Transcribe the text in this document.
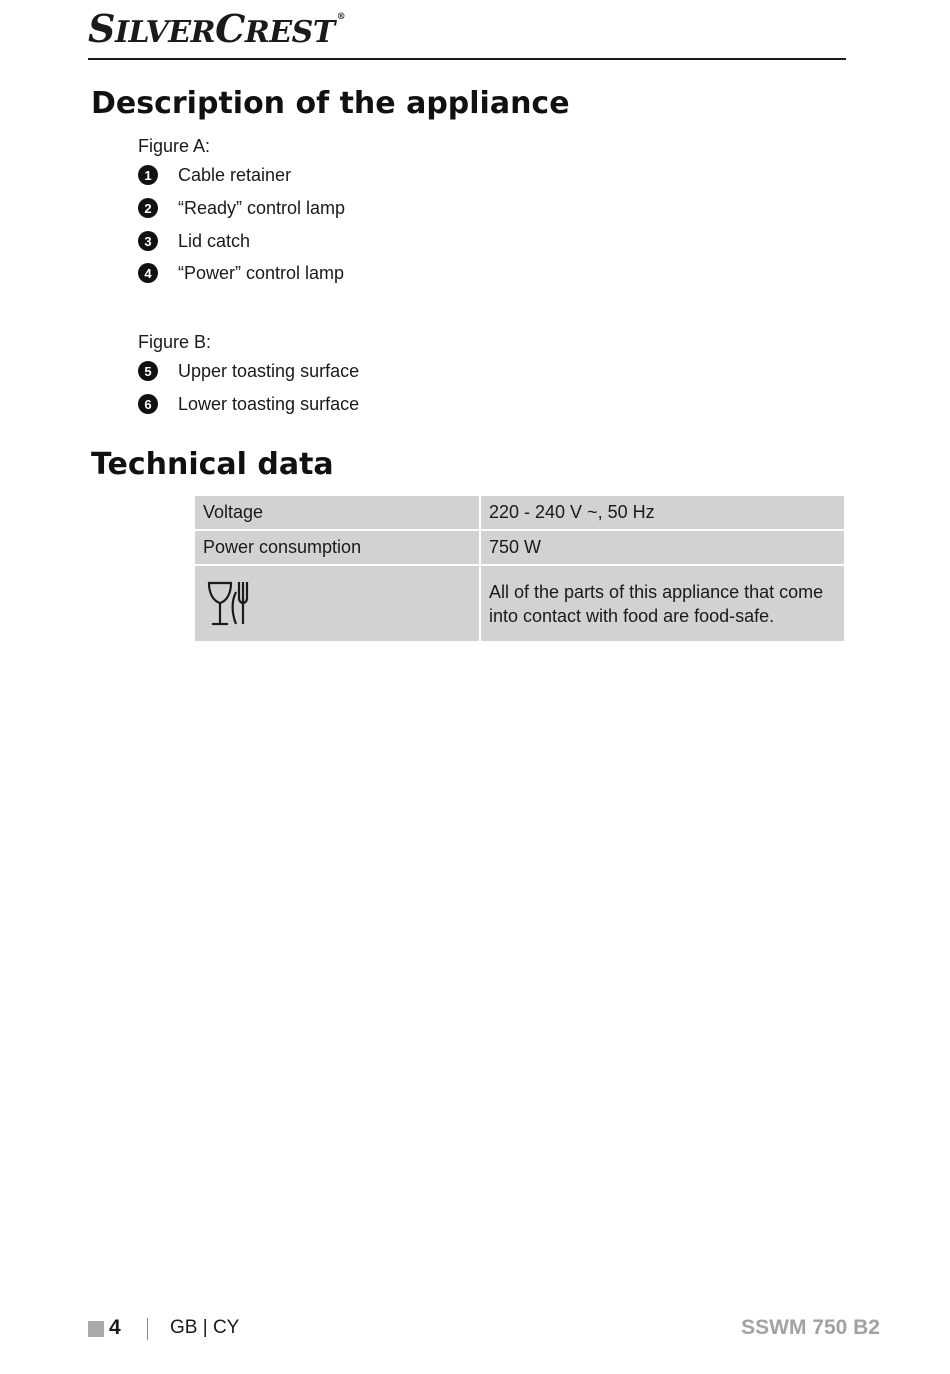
SILVERCREST ®
Description of the appliance
Figure A:
1	Cable retainer
2	“Ready” control lamp
3	Lid catch
4	“Power” control lamp
Figure B:
5	Upper toasting surface
6	Lower toasting surface
Technical data
Voltage	220 - 240 V ~, 50 Hz
Power consumption	750 W

	All of the parts of this appliance that come into contact with food are food-safe.
4	GB | CY	SSWM 750 B2
